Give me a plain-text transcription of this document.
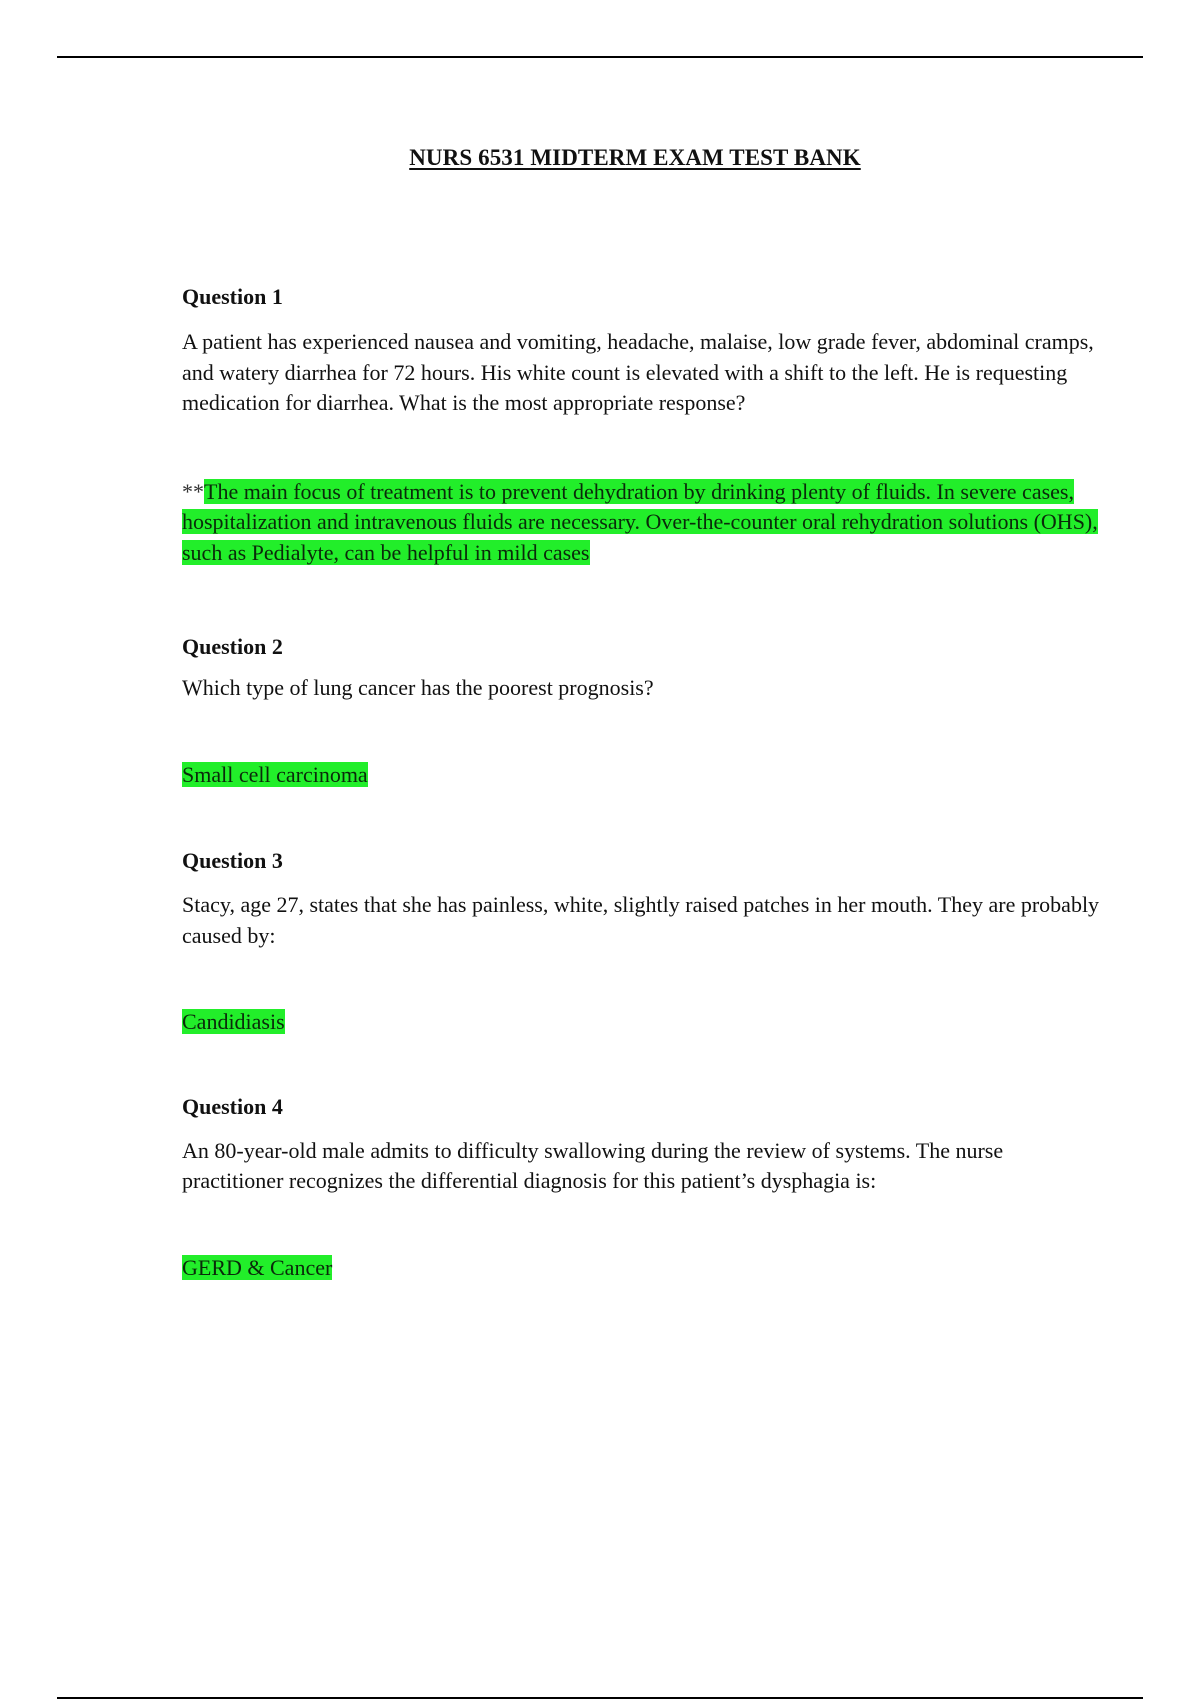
NURS 6531 MIDTERM EXAM TEST BANK
Question 1

A patient has experienced nausea and vomiting, headache, malaise, low grade fever, abdominal cramps, and watery diarrhea for 72 hours. His white count is elevated with a shift to the left. He is requesting medication for diarrhea. What is the most appropriate response?

**The main focus of treatment is to prevent dehydration by drinking plenty of fluids. In severe cases, hospitalization and intravenous fluids are necessary. Over-the-counter oral rehydration solutions (OHS), such as Pedialyte, can be helpful in mild cases

Question 2

Which type of lung cancer has the poorest prognosis?

Small cell carcinoma

Question 3

Stacy, age 27, states that she has painless, white, slightly raised patches in her mouth. They are probably caused by:

Candidiasis

Question 4

An 80-year-old male admits to difficulty swallowing during the review of systems. The nurse practitioner recognizes the differential diagnosis for this patient’s dysphagia is:

GERD & Cancer
